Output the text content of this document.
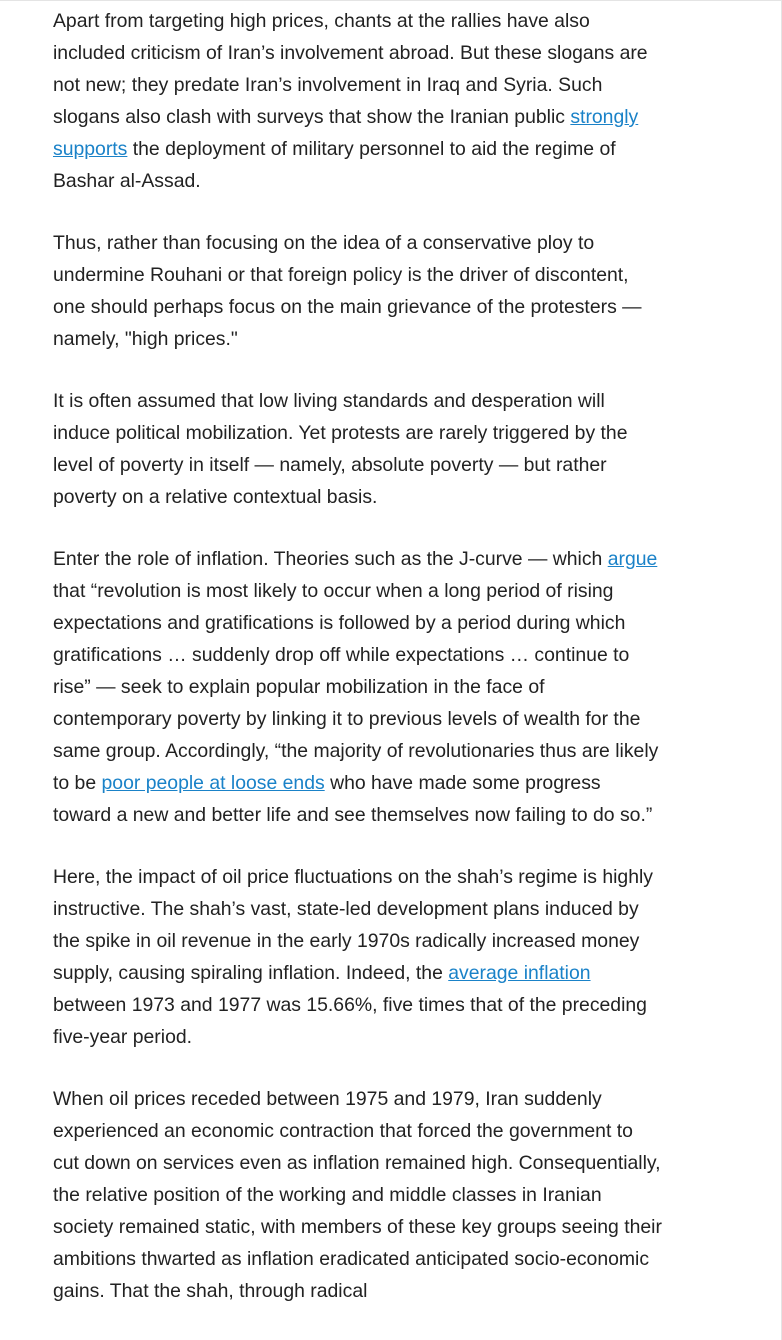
Apart from targeting high prices, chants at the rallies have also included criticism of Iran’s involvement abroad. But these slogans are not new; they predate Iran’s involvement in Iraq and Syria. Such slogans also clash with surveys that show the Iranian public strongly supports the deployment of military personnel to aid the regime of Bashar al-Assad.

Thus, rather than focusing on the idea of a conservative ploy to undermine Rouhani or that foreign policy is the driver of discontent, one should perhaps focus on the main grievance of the protesters — namely, "high prices."

It is often assumed that low living standards and desperation will induce political mobilization. Yet protests are rarely triggered by the level of poverty in itself — namely, absolute poverty — but rather poverty on a relative contextual basis.

Enter the role of inflation. Theories such as the J-curve — which argue that “revolution is most likely to occur when a long period of rising expectations and gratifications is followed by a period during which gratifications … suddenly drop off while expectations … continue to rise” — seek to explain popular mobilization in the face of contemporary poverty by linking it to previous levels of wealth for the same group. Accordingly, “the majority of revolutionaries thus are likely to be poor people at loose ends who have made some progress toward a new and better life and see themselves now failing to do so.”

Here, the impact of oil price fluctuations on the shah’s regime is highly instructive. The shah’s vast, state-led development plans induced by the spike in oil revenue in the early 1970s radically increased money supply, causing spiraling inflation. Indeed, the average inflation between 1973 and 1977 was 15.66%, five times that of the preceding five-year period.

When oil prices receded between 1975 and 1979, Iran suddenly experienced an economic contraction that forced the government to cut down on services even as inflation remained high. Consequentially, the relative position of the working and middle classes in Iranian society remained static, with members of these key groups seeing their ambitions thwarted as inflation eradicated anticipated socio-economic gains. That the shah, through radical
